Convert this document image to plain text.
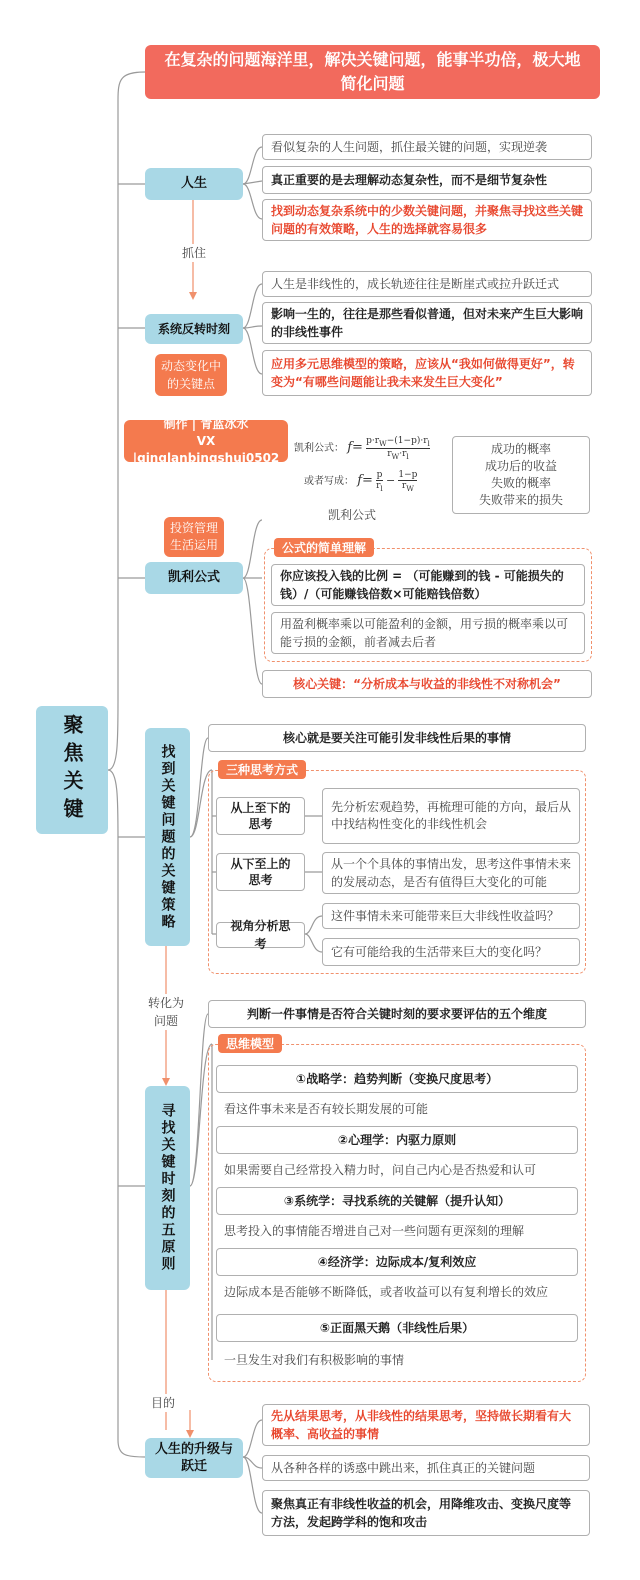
在复杂的问题海洋里，解决关键问题，能事半功倍，极大地简化问题
聚焦关键
人生
看似复杂的人生问题，抓住最关键的问题，实现逆袭
真正重要的是去理解动态复杂性，而不是细节复杂性
找到动态复杂系统中的少数关键问题，并聚焦寻找这些关键问题的有效策略，人生的选择就容易很多
抓住
系统反转时刻
动态变化中的关键点
人生是非线性的，成长轨迹往往是断崖式或拉升跃迁式
影响一生的，往往是那些看似普通，但对未来产生巨大影响的非线性事件
应用多元思维模型的策略，应该从“我如何做得更好”，转变为“有哪些问题能让我未来发生巨大变化”
制作 | 青蓝冰水
VX |qinglanbingshui0502
凯利公式： $f= \frac{p\cdot r_W-(1-p)\cdot r_l}{r_W\cdot r_l}$
或者写成： $f= \frac{p}{r_l} - \frac{1-p}{r_W}$
凯利公式
成功的概率
成功后的收益
失败的概率
失败带来的损失
投资管理生活运用
凯利公式
公式的简单理解
你应该投入钱的比例 = （可能赚到的钱 - 可能损失的钱）/（可能赚钱倍数×可能赔钱倍数）
用盈利概率乘以可能盈利的金额，用亏损的概率乘以可能亏损的金额，前者减去后者
核心关键：“分析成本与收益的非线性不对称机会”
找到关键问题的关键策略
核心就是要关注可能引发非线性后果的事情
三种思考方式
从上至下的思考
先分析宏观趋势，再梳理可能的方向，最后从中找结构性变化的非线性机会
从下至上的思考
从一个个具体的事情出发，思考这件事情未来的发展动态，是否有值得巨大变化的可能
视角分析思考
这件事情未来可能带来巨大非线性收益吗？
它有可能给我的生活带来巨大的变化吗？
转化为问题
寻找关键时刻的五原则
判断一件事情是否符合关键时刻的要求要评估的五个维度
思维模型
①战略学：趋势判断（变换尺度思考）
看这件事未来是否有较长期发展的可能
②心理学：内驱力原则
如果需要自己经常投入精力时，问自己内心是否热爱和认可
③系统学：寻找系统的关键解（提升认知）
思考投入的事情能否增进自己对一些问题有更深刻的理解
④经济学：边际成本/复利效应
边际成本是否能够不断降低，或者收益可以有复利增长的效应
⑤正面黑天鹅（非线性后果）
一旦发生对我们有积极影响的事情
目的
人生的升级与跃迁
先从结果思考，从非线性的结果思考，坚持做长期看有大概率、高收益的事情
从各种各样的诱惑中跳出来，抓住真正的关键问题
聚焦真正有非线性收益的机会，用降维攻击、变换尺度等方法，发起跨学科的饱和攻击
